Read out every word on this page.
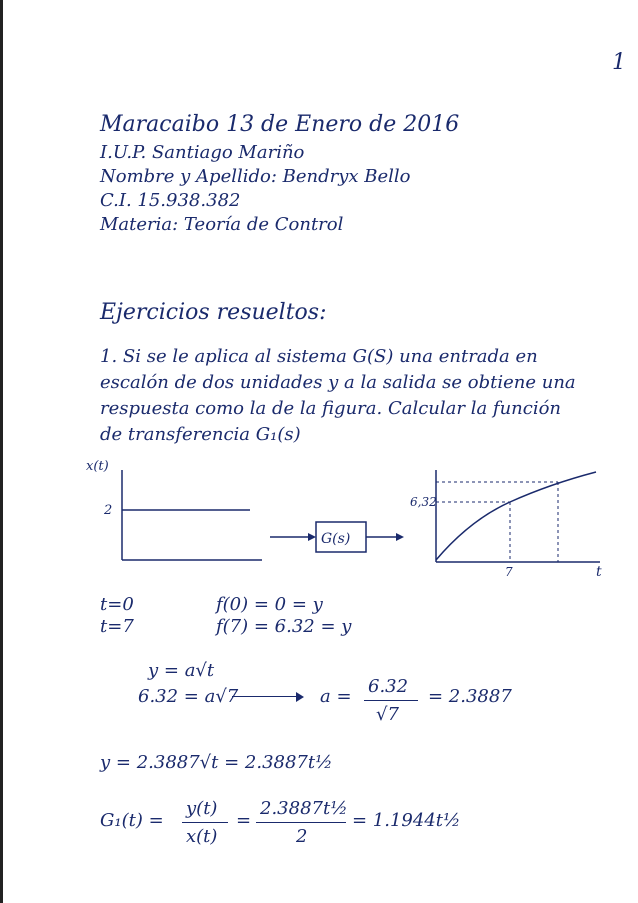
1
Maracaibo 13 de Enero de 2016
I.U.P. Santiago Mariño
Nombre y Apellido: Bendryx Bello
C.I. 15.938.382
Materia: Teoría de Control
Ejercicios resueltos:
1. Si se le aplica al sistema G(S) una entrada en
escalón de dos unidades y a la salida se obtiene una
respuesta como la de la figura. Calcular la función
de transferencia G₁(s)
x(t)
2
G(s)
6,32
7	t
t=0
t=7
f(0) = 0 = y
f(7) = 6.32 = y
y = a√t
6.32 = a√7	a = 6.32
√7
= 2.3887
y = 2.3887√t = 2.3887t½
G₁(t) =
y(t)
x(t)
=
2.3887t½
2
= 1.1944t½
